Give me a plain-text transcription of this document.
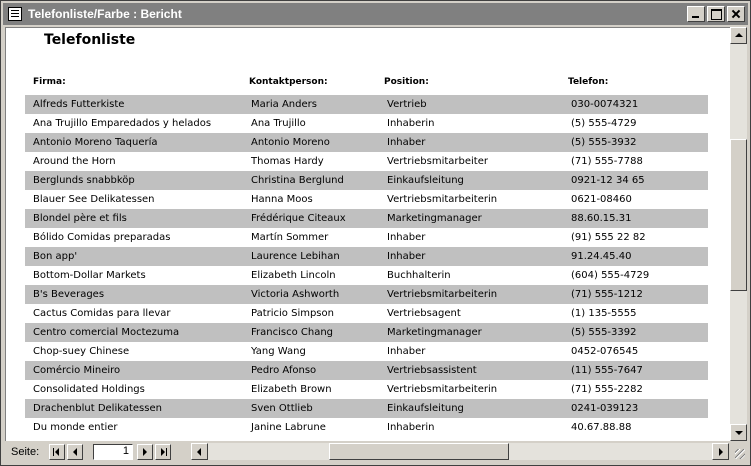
Telefonliste/Farbe : Bericht
Telefonliste
Firma:	Kontaktperson:	Position:	Telefon:
Alfreds Futterkiste	Maria Anders	Vertrieb	030-0074321
Ana Trujillo Emparedados y helados	Ana Trujillo	Inhaberin	(5) 555-4729
Antonio Moreno Taquería	Antonio Moreno	Inhaber	(5) 555-3932
Around the Horn	Thomas Hardy	Vertriebsmitarbeiter	(71) 555-7788
Berglunds snabbköp	Christina Berglund	Einkaufsleitung	0921-12 34 65
Blauer See Delikatessen	Hanna Moos	Vertriebsmitarbeiterin	0621-08460
Blondel père et fils	Frédérique Citeaux	Marketingmanager	88.60.15.31
Bólido Comidas preparadas	Martín Sommer	Inhaber	(91) 555 22 82
Bon app'	Laurence Lebihan	Inhaber	91.24.45.40
Bottom-Dollar Markets	Elizabeth Lincoln	Buchhalterin	(604) 555-4729
B's Beverages	Victoria Ashworth	Vertriebsmitarbeiterin	(71) 555-1212
Cactus Comidas para llevar	Patricio Simpson	Vertriebsagent	(1) 135-5555
Centro comercial Moctezuma	Francisco Chang	Marketingmanager	(5) 555-3392
Chop-suey Chinese	Yang Wang	Inhaber	0452-076545
Comércio Mineiro	Pedro Afonso	Vertriebsassistent	(11) 555-7647
Consolidated Holdings	Elizabeth Brown	Vertriebsmitarbeiterin	(71) 555-2282
Drachenblut Delikatessen	Sven Ottlieb	Einkaufsleitung	0241-039123
Du monde entier	Janine Labrune	Inhaberin	40.67.88.88
Seite:	1
